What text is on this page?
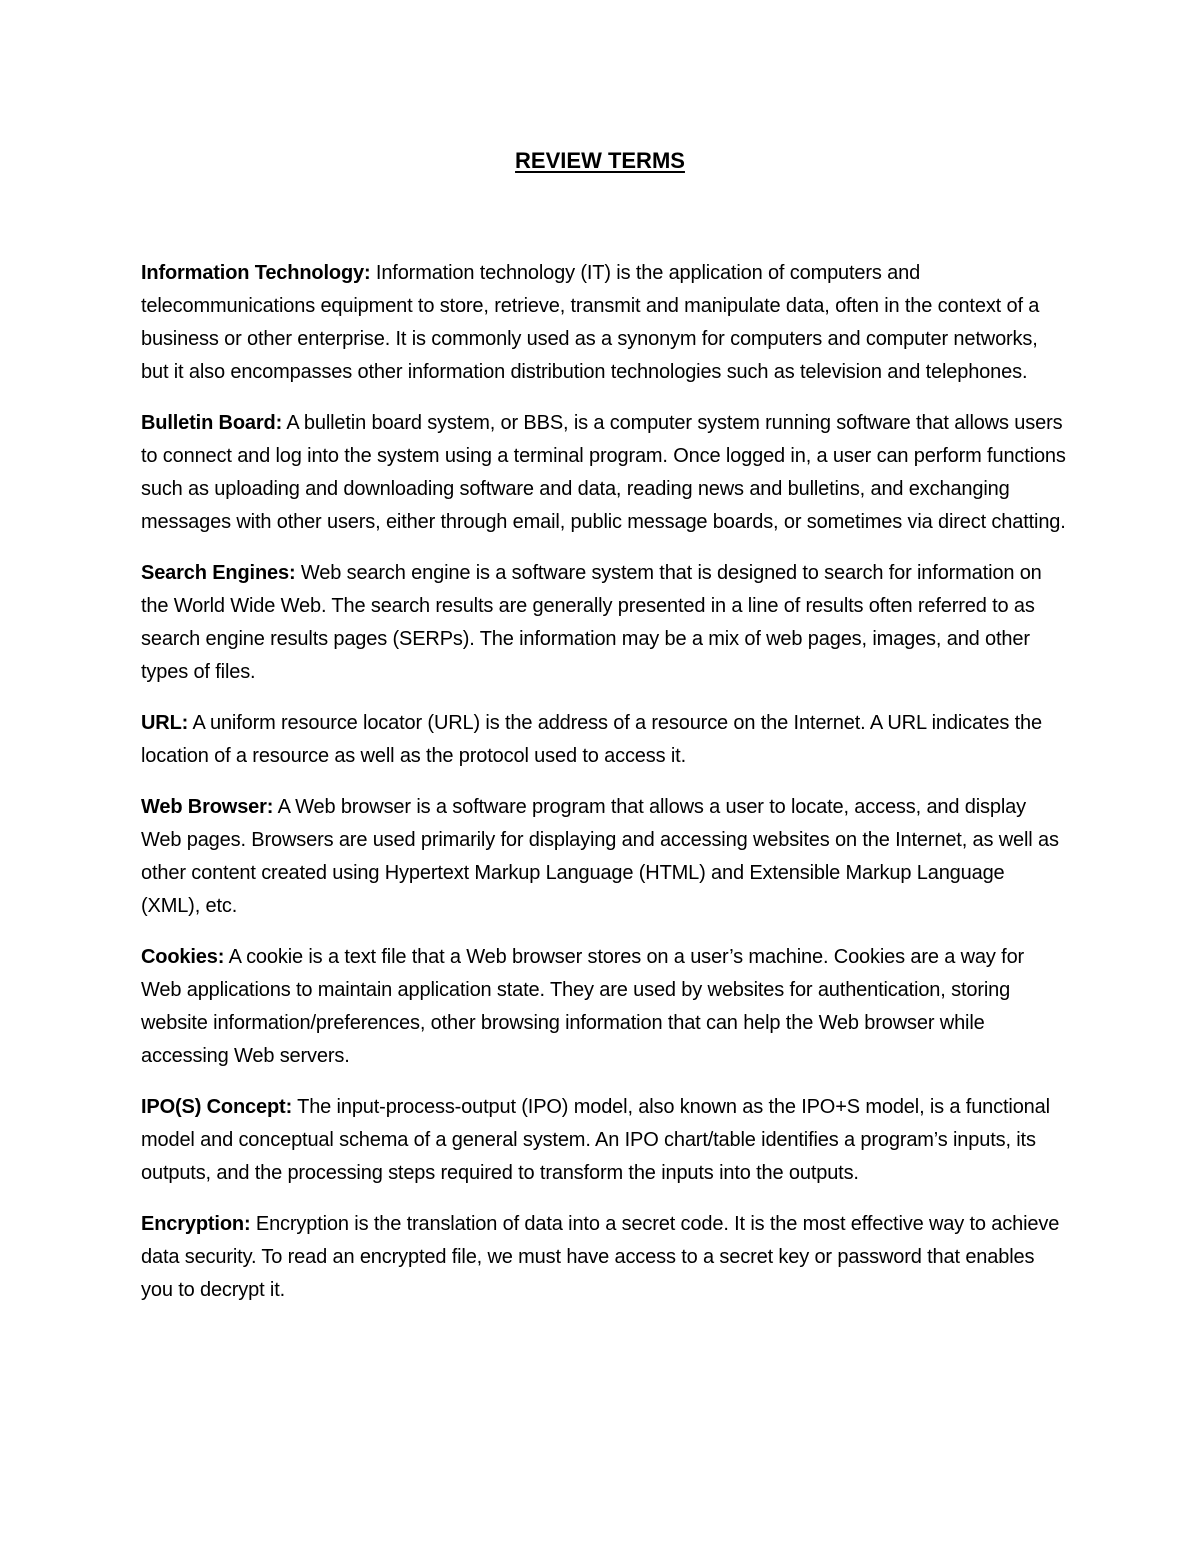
REVIEW TERMS

Information Technology: Information technology (IT) is the application of computers and telecommunications equipment to store, retrieve, transmit and manipulate data, often in the context of a business or other enterprise. It is commonly used as a synonym for computers and computer networks, but it also encompasses other information distribution technologies such as television and telephones.

Bulletin Board: A bulletin board system, or BBS, is a computer system running software that allows users to connect and log into the system using a terminal program. Once logged in, a user can perform functions such as uploading and downloading software and data, reading news and bulletins, and exchanging messages with other users, either through email, public message boards, or sometimes via direct chatting.

Search Engines: Web search engine is a software system that is designed to search for information on the World Wide Web. The search results are generally presented in a line of results often referred to as search engine results pages (SERPs). The information may be a mix of web pages, images, and other types of files.

URL: A uniform resource locator (URL) is the address of a resource on the Internet. A URL indicates the location of a resource as well as the protocol used to access it.

Web Browser: A Web browser is a software program that allows a user to locate, access, and display Web pages. Browsers are used primarily for displaying and accessing websites on the Internet, as well as other content created using Hypertext Markup Language (HTML) and Extensible Markup Language (XML), etc.

Cookies: A cookie is a text file that a Web browser stores on a user’s machine. Cookies are a way for Web applications to maintain application state. They are used by websites for authentication, storing website information/preferences, other browsing information that can help the Web browser while accessing Web servers.

IPO(S) Concept: The input-process-output (IPO) model, also known as the IPO+S model, is a functional model and conceptual schema of a general system. An IPO chart/table identifies a program’s inputs, its outputs, and the processing steps required to transform the inputs into the outputs.

Encryption: Encryption is the translation of data into a secret code. It is the most effective way to achieve data security. To read an encrypted file, we must have access to a secret key or password that enables you to decrypt it.
